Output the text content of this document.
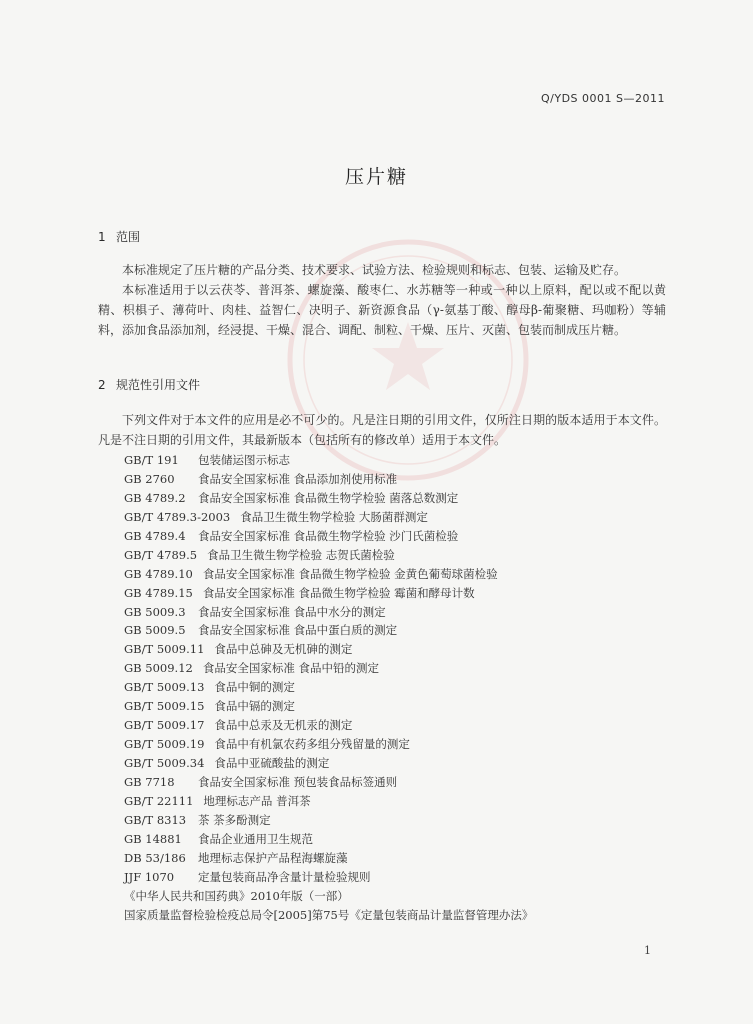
Q/YDS 0001 S—2011
压片糖
1 范围

本标准规定了压片糖的产品分类、技术要求、试验方法、检验规则和标志、包装、运输及贮存。

本标准适用于以云茯苓、普洱茶、螺旋藻、酸枣仁、水苏糖等一种或一种以上原料，配以或不配以黄精、枳椇子、薄荷叶、肉桂、益智仁、决明子、新资源食品（γ-氨基丁酸、醇母β-葡聚糖、玛咖粉）等辅料，添加食品添加剂，经浸提、干燥、混合、调配、制粒、干燥、压片、灭菌、包装而制成压片糖。

2 规范性引用文件

下列文件对于本文件的应用是必不可少的。凡是注日期的引用文件，仅所注日期的版本适用于本文件。凡是不注日期的引用文件，其最新版本（包括所有的修改单）适用于本文件。

GB/T 191 包装储运图示标志
GB 2760 食品安全国家标准 食品添加剂使用标准
GB 4789.2 食品安全国家标准 食品微生物学检验 菌落总数测定
GB/T 4789.3-2003 食品卫生微生物学检验 大肠菌群测定
GB 4789.4 食品安全国家标准 食品微生物学检验 沙门氏菌检验
GB/T 4789.5 食品卫生微生物学检验 志贺氏菌检验
GB 4789.10 食品安全国家标准 食品微生物学检验 金黄色葡萄球菌检验
GB 4789.15 食品安全国家标准 食品微生物学检验 霉菌和酵母计数
GB 5009.3 食品安全国家标准 食品中水分的测定
GB 5009.5 食品安全国家标准 食品中蛋白质的测定
GB/T 5009.11 食品中总砷及无机砷的测定
GB 5009.12 食品安全国家标准 食品中铅的测定
GB/T 5009.13 食品中铜的测定
GB/T 5009.15 食品中镉的测定
GB/T 5009.17 食品中总汞及无机汞的测定
GB/T 5009.19 食品中有机氯农药多组分残留量的测定
GB/T 5009.34 食品中亚硫酸盐的测定
GB 7718 食品安全国家标准 预包装食品标签通则
GB/T 22111 地理标志产品 普洱茶
GB/T 8313 茶 茶多酚测定
GB 14881 食品企业通用卫生规范
DB 53/186 地理标志保护产品程海螺旋藻
JJF 1070 定量包装商品净含量计量检验规则
《中华人民共和国药典》2010年版（一部）
国家质量监督检验检疫总局令[2005]第75号《定量包装商品计量监督管理办法》
1
